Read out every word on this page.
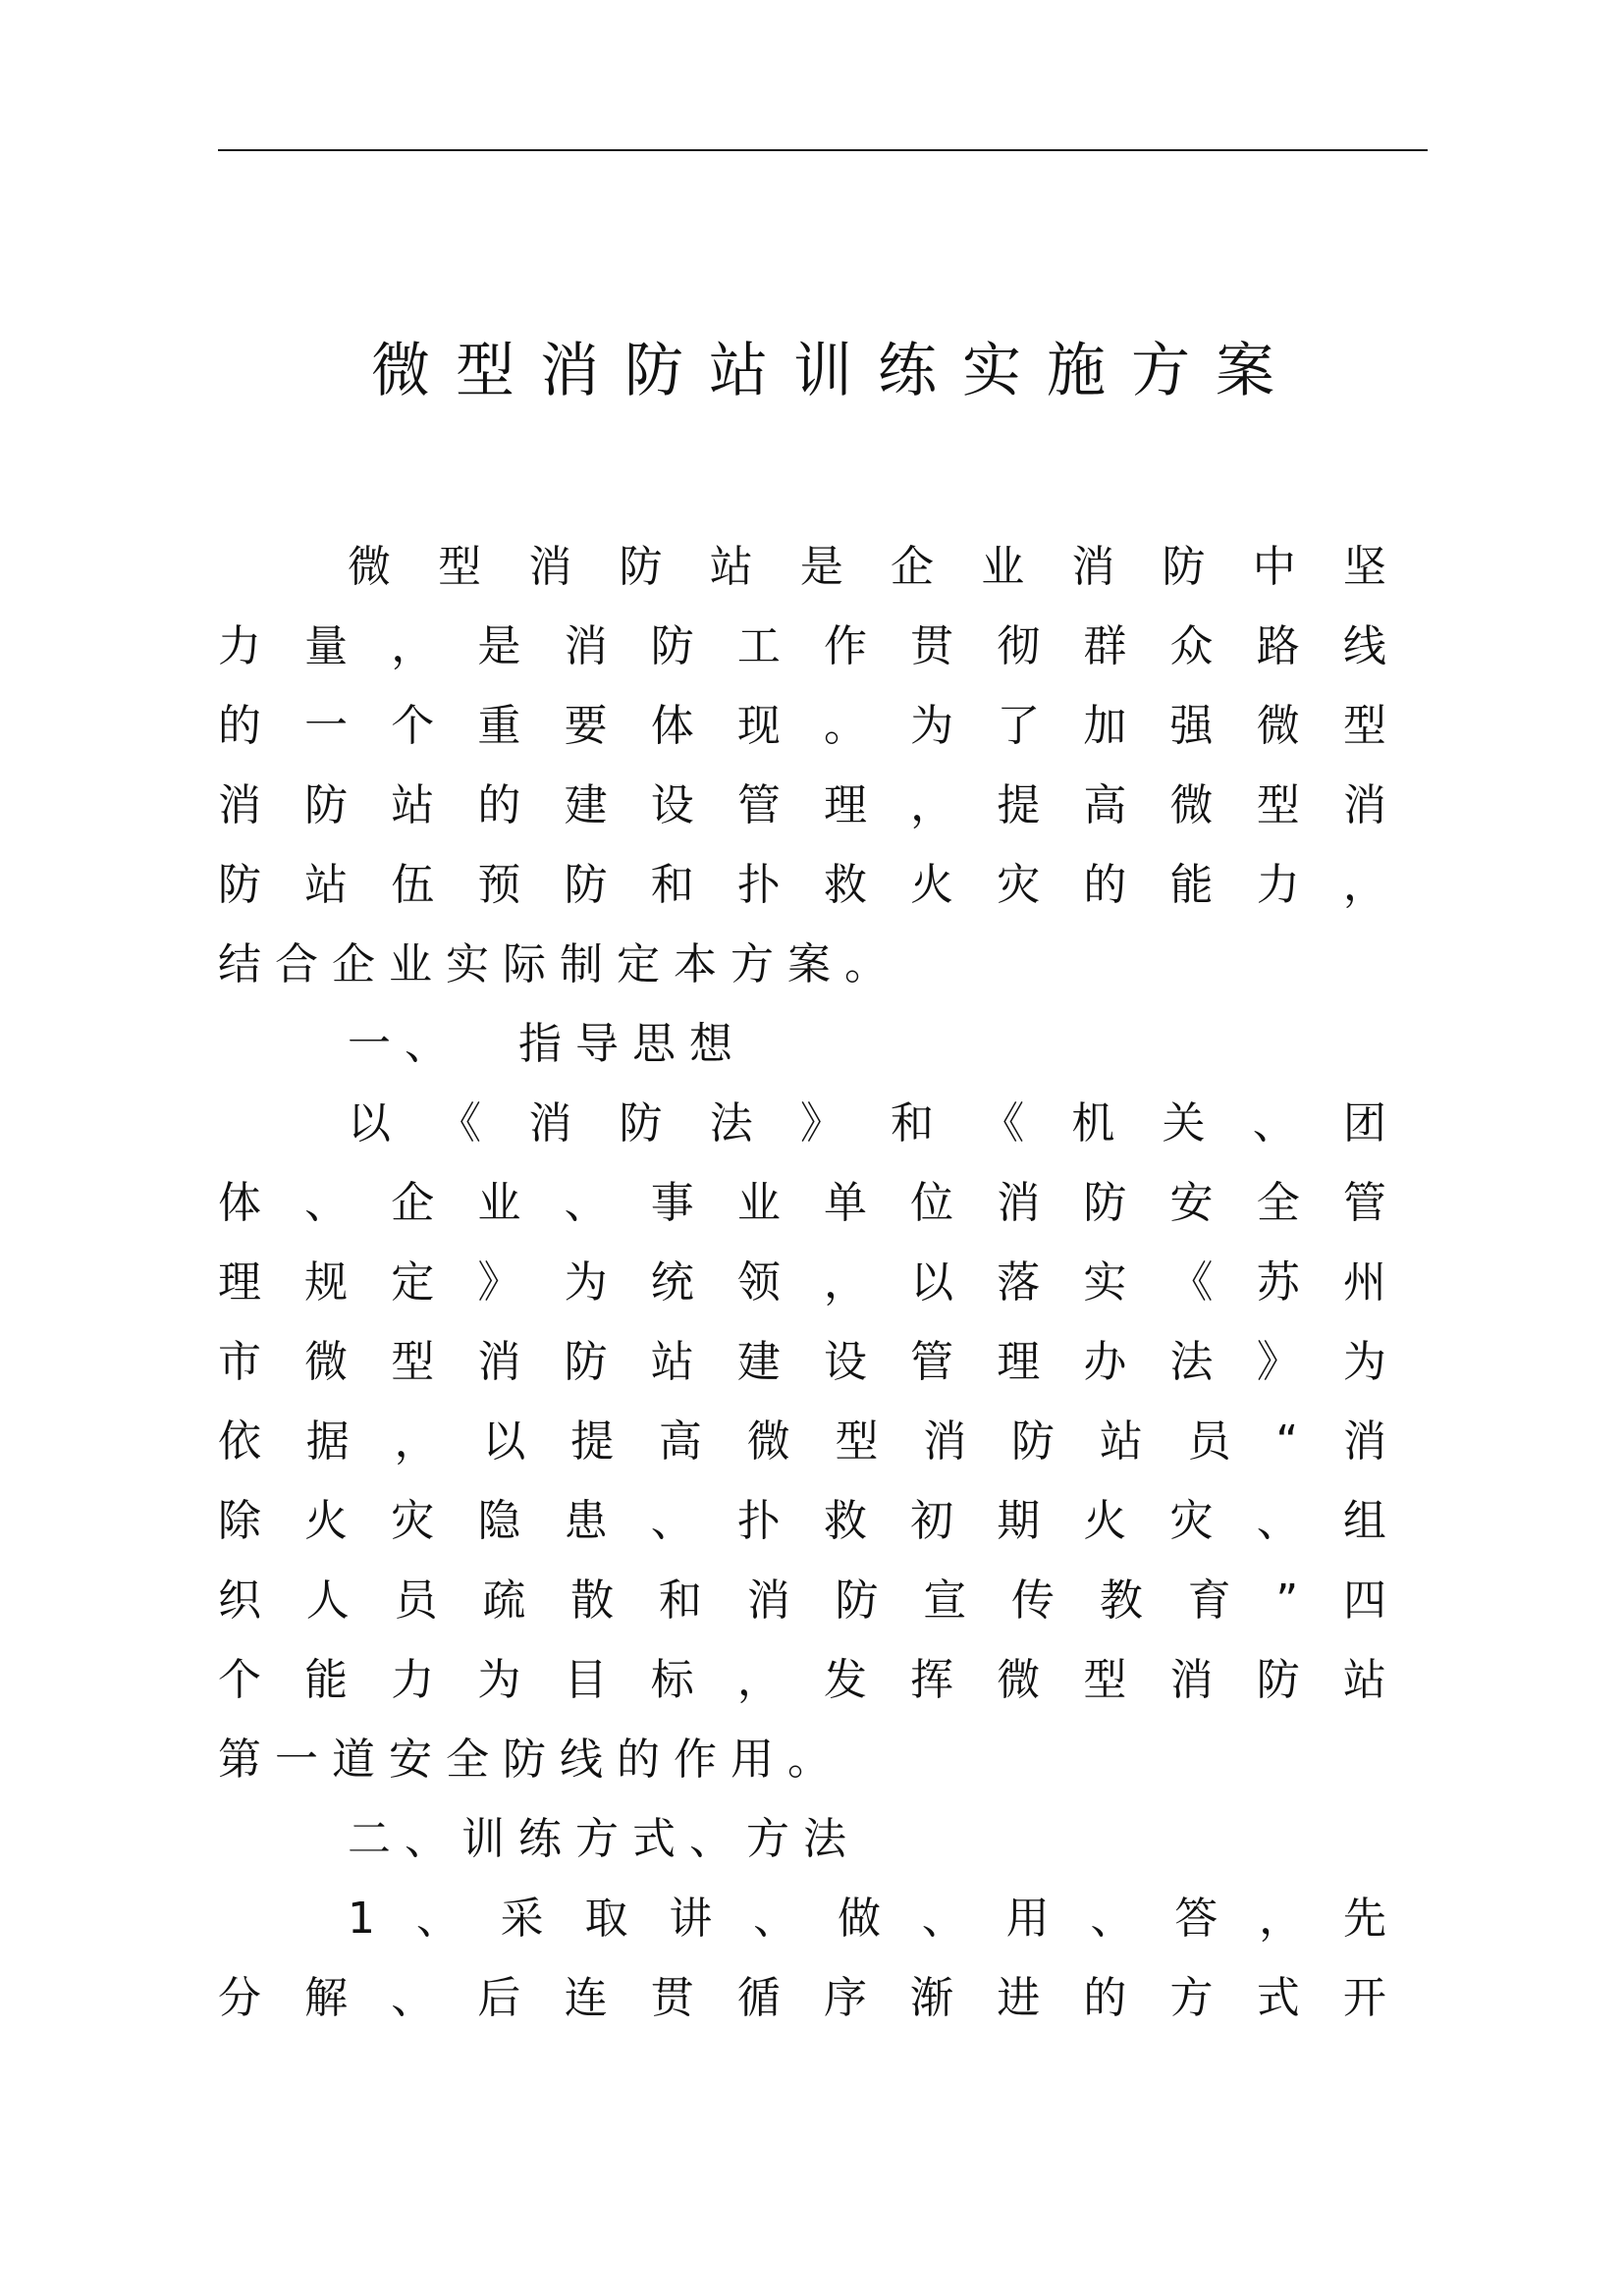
微型消防站训练实施方案
微 型 消 防 站 是 企 业 消 防 中 坚
力 量 ， 是 消 防 工 作 贯 彻 群 众 路 线
的 一 个 重 要 体 现 。 为 了 加 强 微 型
消 防 站 的 建 设 管 理 ， 提 高 微 型 消
防 站 伍 预 防 和 扑 救 火 灾 的 能 力 ，
结 合 企 业 实 际 制 定 本 方 案 。
一 、
指 导 思 想
以 《 消 防 法 》 和 《 机 关 、 团
体 、 企 业 、 事 业 单 位 消 防 安 全 管
理 规 定 》 为 统 领 ， 以 落 实 《 苏 州
市 微 型 消 防 站 建 设 管 理 办 法 》 为
依 据 ， 以 提 高 微 型 消 防 站 员 “ 消
除 火 灾 隐 患 、 扑 救 初 期 火 灾 、 组
织 人 员 疏 散 和 消 防 宣 传 教 育 ” 四
个 能 力 为 目 标 ， 发 挥 微 型 消 防 站
第 一 道 安 全 防 线 的 作 用 。
二 、 训 练 方 式 、 方 法
1 、 采 取 讲 、 做 、 用 、 答 ， 先
分 解 、 后 连 贯 循 序 渐 进 的 方 式 开
